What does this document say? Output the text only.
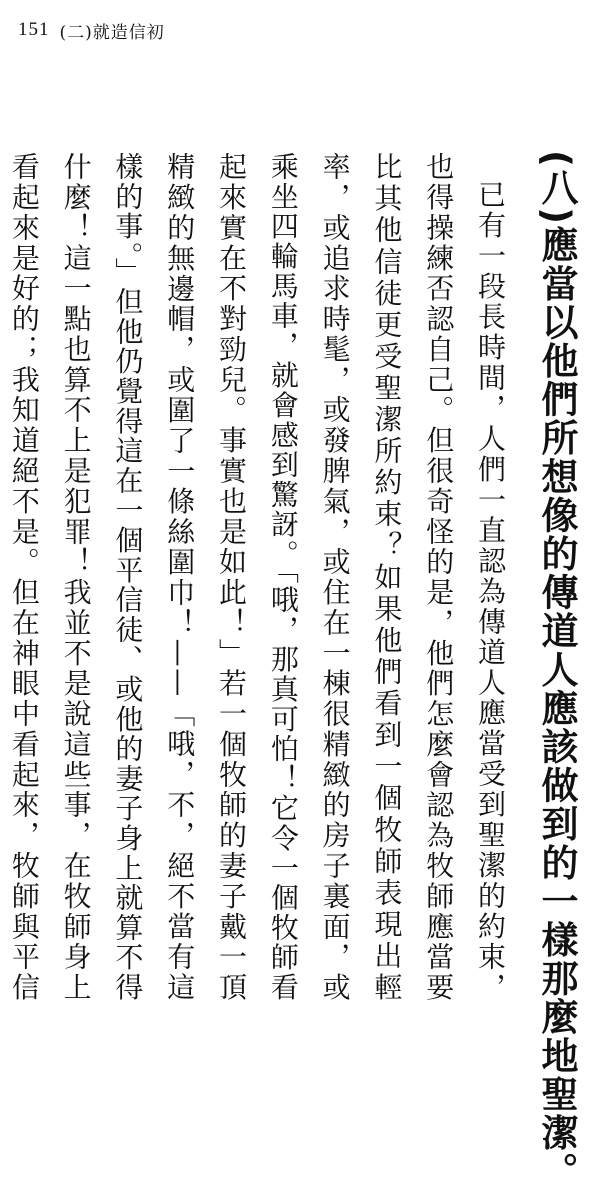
151 (二)就造信初
(八)應當以他們所想像的傳道人應該做到的一樣那麼地聖潔。

已有一段長時間，人們一直認為傳道人應當受到聖潔的約束，也得操練否認自己。但很奇怪的是，他們怎麼會認為牧師應當要比其他信徒更受聖潔所約束？如果他們看到一個牧師表現出輕率，或追求時髦，或發脾氣，或住在一棟很精緻的房子裏面，或乘坐四輪馬車，就會感到驚訝。「哦，那真可怕！它令一個牧師看起來實在不對勁兒。事實也是如此！」若一個牧師的妻子戴一頂精緻的無邊帽，或圍了一條絲圍巾！——「哦，不，絕不當有這樣的事。」但他仍覺得這在一個平信徒、或他的妻子身上就算不得什麼！這一點也算不上是犯罪！我並不是說這些事，在牧師身上看起來是好的；我知道絕不是。但在神眼中看起來，牧師與平信
